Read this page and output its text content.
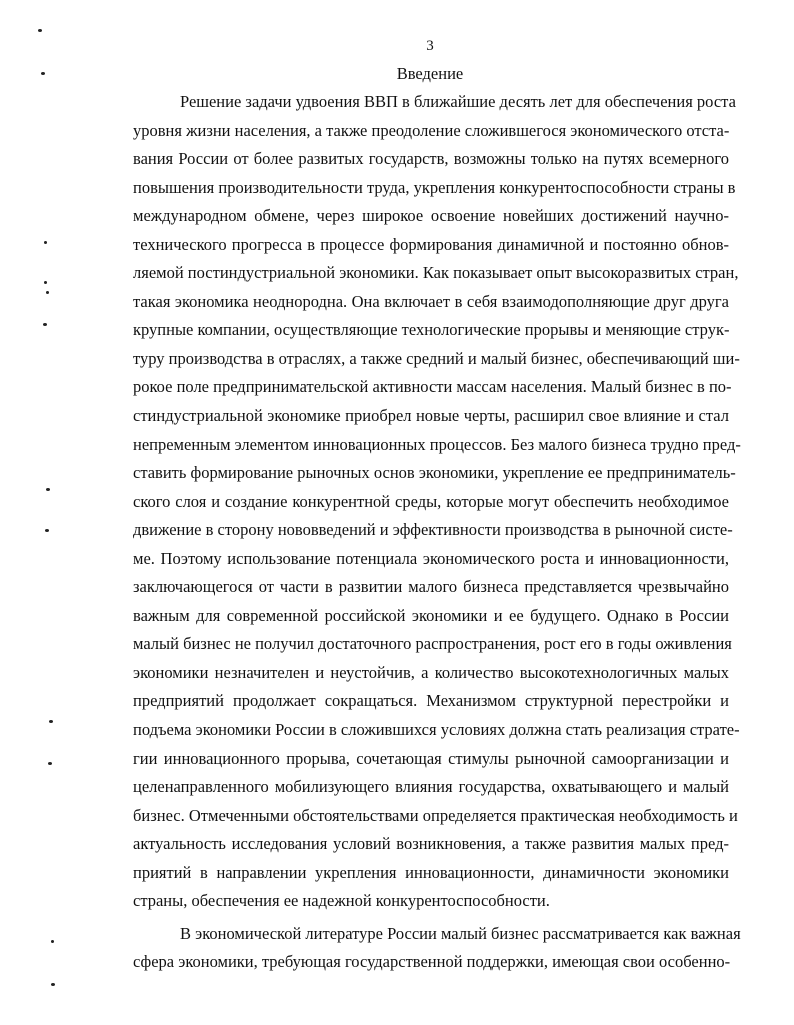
3
Введение
Решение задачи удвоения ВВП в ближайшие десять лет для обеспечения роста
уровня жизни населения, а также преодоление сложившегося экономического отста-
вания России от более развитых государств, возможны только на путях всемерного
повышения производительности труда, укрепления конкурентоспособности страны в
международном обмене, через широкое освоение новейших достижений научно-
технического прогресса в процессе формирования динамичной и постоянно обнов-
ляемой постиндустриальной экономики. Как показывает опыт высокоразвитых стран,
такая экономика неоднородна. Она включает в себя взаимодополняющие друг друга
крупные компании, осуществляющие технологические прорывы и меняющие струк-
туру производства в отраслях, а также средний и малый бизнес, обеспечивающий ши-
рокое поле предпринимательской активности массам населения. Малый бизнес в по-
стиндустриальной экономике приобрел новые черты, расширил свое влияние и стал
непременным элементом инновационных процессов. Без малого бизнеса трудно пред-
ставить формирование рыночных основ экономики, укрепление ее предприниматель-
ского слоя и создание конкурентной среды, которые могут обеспечить необходимое
движение в сторону нововведений и эффективности производства в рыночной систе-
ме. Поэтому использование потенциала экономического роста и инновационности,
заключающегося от части в развитии малого бизнеса представляется чрезвычайно
важным для современной российской экономики и ее будущего. Однако в России
малый бизнес не получил достаточного распространения, рост его в годы оживления
экономики незначителен и неустойчив, а количество высокотехнологичных малых
предприятий продолжает сокращаться. Механизмом структурной перестройки и
подъема экономики России в сложившихся условиях должна стать реализация страте-
гии инновационного прорыва, сочетающая стимулы рыночной самоорганизации и
целенаправленного мобилизующего влияния государства, охватывающего и малый
бизнес. Отмеченными обстоятельствами определяется практическая необходимость и
актуальность исследования условий возникновения, а также развития малых пред-
приятий в направлении укрепления инновационности, динамичности экономики
страны, обеспечения ее надежной конкурентоспособности.
В экономической литературе России малый бизнес рассматривается как важная
сфера экономики, требующая государственной поддержки, имеющая свои особенно-
